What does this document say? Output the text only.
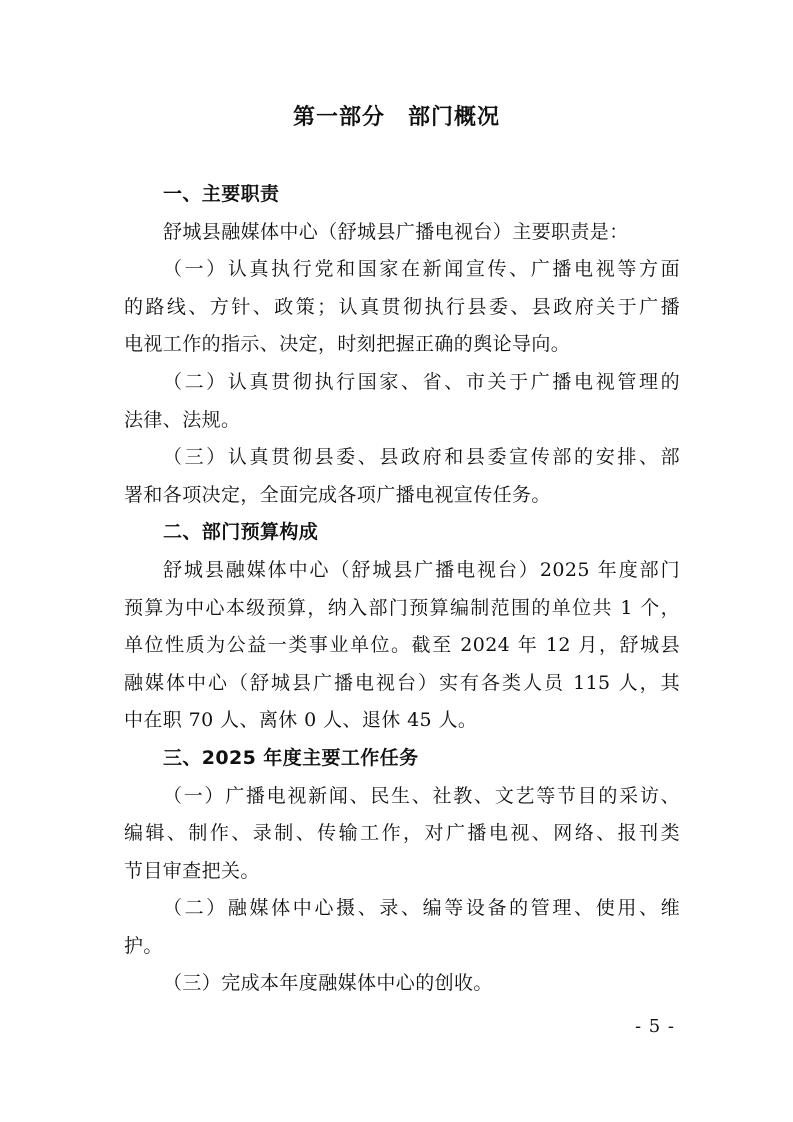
第一部分　部门概况
一、主要职责
舒城县融媒体中心（舒城县广播电视台）主要职责是：
（一）认真执行党和国家在新闻宣传、广播电视等方面
的路线、方针、政策；认真贯彻执行县委、县政府关于广播
电视工作的指示、决定，时刻把握正确的舆论导向。
（二）认真贯彻执行国家、省、市关于广播电视管理的
法律、法规。
（三）认真贯彻县委、县政府和县委宣传部的安排、部
署和各项决定，全面完成各项广播电视宣传任务。
二、部门预算构成
舒城县融媒体中心（舒城县广播电视台）2025 年度部门
预算为中心本级预算，纳入部门预算编制范围的单位共 1 个，
单位性质为公益一类事业单位。截至 2024 年 12 月，舒城县
融媒体中心（舒城县广播电视台）实有各类人员 115 人，其
中在职 70 人、离休 0 人、退休 45 人。
三、2025 年度主要工作任务
（一）广播电视新闻、民生、社教、文艺等节目的采访、
编辑、制作、录制、传输工作，对广播电视、网络、报刊类
节目审查把关。
（二）融媒体中心摄、录、编等设备的管理、使用、维
护。
（三）完成本年度融媒体中心的创收。
- 5 -
